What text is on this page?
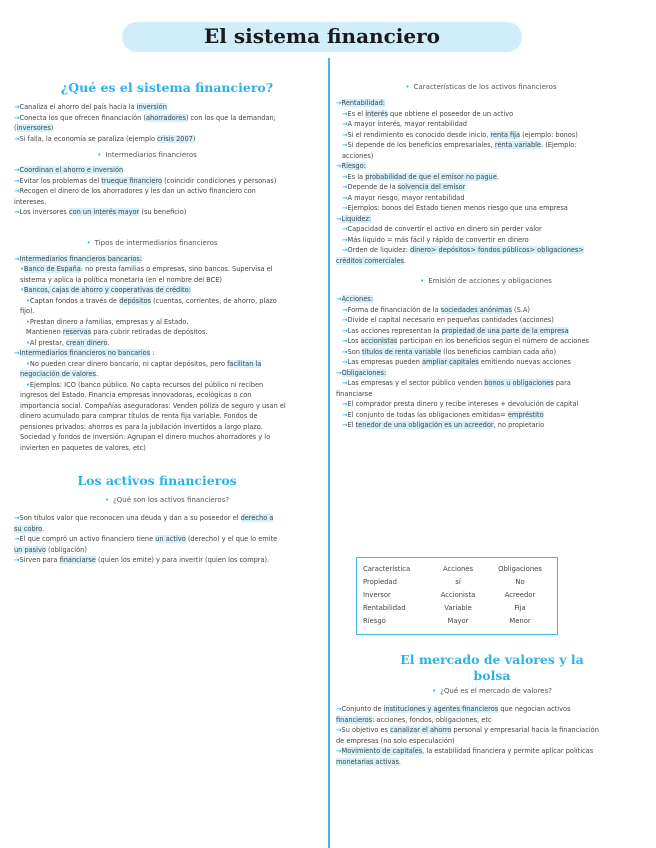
El sistema financiero
¿Qué es el sistema financiero?
→Canaliza el ahorro del país hacia la inversión
→Conecta los que ofrecen financiación (ahorradores) con los que la demandan;
(inversores)
→Si falla, la economía se paraliza (ejemplo crisis 2007)
• Intermediarios financieros
→Coordinan el ahorro e inversión
→Evitar los problemas del trueque financiero (coincidir condiciones y personas)
→Recogen el dinero de los ahorradores y les dan un activo financiero con
intereses.
→Los inversores con un interés mayor (su beneficio)
• Tipos de intermediarios financieros
→Intermediarios financieros bancarios:
•Banco de España: no presta familias o empresas, sino bancos. Supervisa el
sistema y aplica la política monetaria (en el nombre del BCE)
•Bancos, cajas de ahorro y cooperativas de crédito:
•Captan fondos a través de depósitos (cuentas, corrientes, de ahorro, plazo
fijo).
•Prestan dinero a familias, empresas y al Estado.
Mantienen reservas para cubrir retiradas de depósitos.
•Al prestar, crean dinero.
→Intermediarios financieros no bancarios :
•No pueden crear dinero bancario, ni captar depósitos, pero facilitan la
negociación de valores.
•Ejemplos: ICO (banco público. No capta recursos del público ni reciben
ingresos del Estado. Financia empresas innovadoras, ecológicas o con
importancia social. Compañías aseguradoras: Venden póliza de seguro y usan el
dinero acumulado para comprar títulos de renta fija variable. Fondos de
pensiones privados: ahorros es para la jubilación invertidos a largo plazo.
Sociedad y fondos de inversión: Agrupan el dinero muchos ahorradores y lo
invierten en paquetes de valores, etc)
Los activos financieros
• ¿Qué son los activos financieros?
→Son títulos valor que reconocen una deuda y dan a su poseedor el derecho a
su cobro.
→El que compró un activo financiero tiene un activo (derecho) y el que lo emite
un pasivo (obligación)
→Sirven para financiarse (quien los emite) y para invertir (quien los compra).
• Características de los activos financieros
→Rentabilidad:
→Es el interés que obtiene el poseedor de un activo
→A mayor interés, mayor rentabilidad
→Si el rendimiento es conocido desde inicio, renta fija (ejemplo: bonos)
→Si depende de los beneficios empresariales, renta variable. (Ejemplo:
acciones)
→Riesgo:
→Es la probabilidad de que el emisor no pague.
→Depende de la solvencia del emisor
→A mayor riesgo, mayor rentabilidad
→Ejemplos: bonos del Estado tienen menos riesgo que una empresa
→Liquidez:
→Capacidad de convertir el activo en dinero sin perder valor
→Más líquido = más fácil y rápido de convertir en dinero
→Orden de liquidez: dinero> depósitos> fondos públicos> obligaciones>
créditos comerciales.
• Emisión de acciones y obligaciones
→Acciones:
→Forma de financiación de la sociedades anónimas (S.A)
→Divide el capital necesario en pequeñas cantidades (acciones)
→Las acciones representan la propiedad de una parte de la empresa
→Los accionistas participan en los beneficios según el número de acciones
→Son títulos de renta variable (los beneficios cambian cada año)
→Las empresas pueden ampliar capitales emitiendo nuevas acciones
→Obligaciones:
→Las empresas y el sector público venden bonos u obligaciones para
financiarse
→El comprador presta dinero y recibe intereses + devolución de capital
→El conjunto de todas las obligaciones emitidas= empréstito
→El tenedor de una obligación es un acreedor, no propietario
Característica	Acciones	Obligaciones
Propiedad	sí	No
Inversor	Accionista	Acreedor
Rentabilidad	Variable	Fija
Riesgo	Mayor	Menor
El mercado de valores y la
bolsa
• ¿Qué es el mercado de valores?
→Conjunto de instituciones y agentes financieros que negocian activos
financieros: acciones, fondos, obligaciones, etc
→Su objetivo es canalizar el ahorro personal y empresarial hacia la financiación
de empresas (no solo especulación)
→Movimiento de capitales, la estabilidad financiera y permite aplicar políticas
monetarias activas.
